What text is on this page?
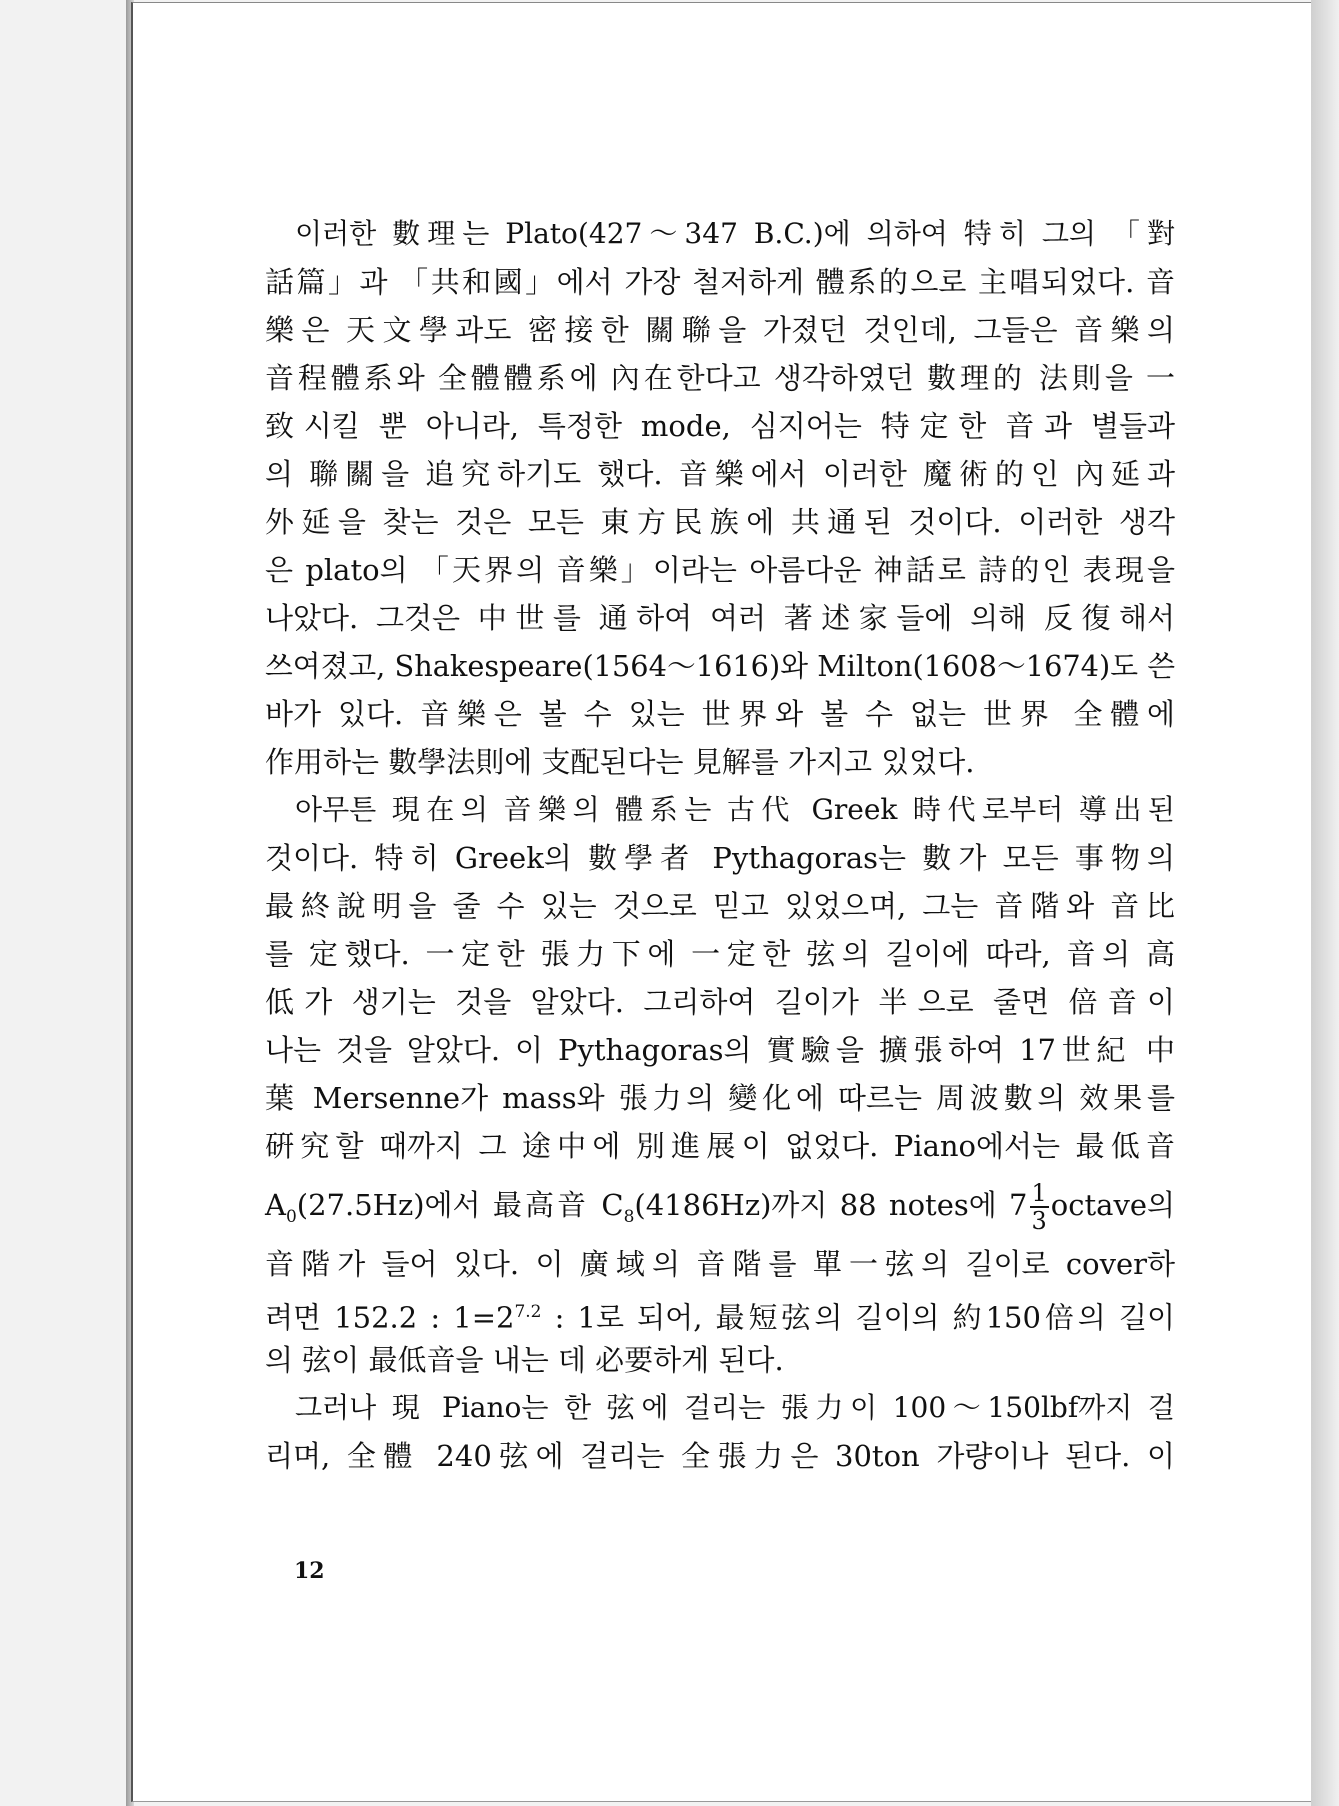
이러한 數理는 Plato(427〜347 B.C.)에 의하여 特히 그의 「對
話篇」과 「共和國」에서 가장 철저하게 體系的으로 主唱되었다. 音
樂은 天文學과도 密接한 關聯을 가졌던 것인데, 그들은 音樂의
音程體系와 全體體系에 內在한다고 생각하였던 數理的 法則을 一
致시킬 뿐 아니라, 특정한 mode, 심지어는 特定한 音과 별들과
의 聯關을 追究하기도 했다. 音樂에서 이러한 魔術的인 內延과
外延을 찾는 것은 모든 東方民族에 共通된 것이다. 이러한 생각
은 plato의 「天界의 音樂」이라는 아름다운 神話로 詩的인 表現을
나았다. 그것은 中世를 通하여 여러 著述家들에 의해 反復해서
쓰여졌고, Shakespeare(1564〜1616)와 Milton(1608〜1674)도 쓴
바가 있다. 音樂은 볼 수 있는 世界와 볼 수 없는 世界 全體에
作用하는 數學法則에 支配된다는 見解를 가지고 있었다.
아무튼 現在의 音樂의 體系는 古代 Greek 時代로부터 導出된
것이다. 特히 Greek의 數學者 Pythagoras는 數가 모든 事物의
最終說明을 줄 수 있는 것으로 믿고 있었으며, 그는 音階와 音比
를 定했다. 一定한 張力下에 一定한 弦의 길이에 따라, 音의 高
低가 생기는 것을 알았다. 그리하여 길이가 半으로 줄면 倍音이
나는 것을 알았다. 이 Pythagoras의 實驗을 擴張하여 17世紀 中
葉 Mersenne가 mass와 張力의 變化에 따르는 周波數의 效果를
硏究할 때까지 그 途中에 別進展이 없었다. Piano에서는 最低音
$A_0(27.5Hz)$에서 最高音 $C_8(4186Hz)$까지 88 notes에 $7 \frac{1}{3}$ octave의
音階가 들어 있다. 이 廣域의 音階를 單一弦의 길이로 cover하
려면 152.2 : $1=2^{7.2}$ : 1로 되어, 最短弦의 길이의 約150倍의 길이
의 弦이 最低音을 내는 데 必要하게 된다.
그러나 現 Piano는 한 弦에 걸리는 張力이 100〜150lbf까지 걸
리며, 全體 240弦에 걸리는 全張力은 30ton 가량이나 된다. 이
12
